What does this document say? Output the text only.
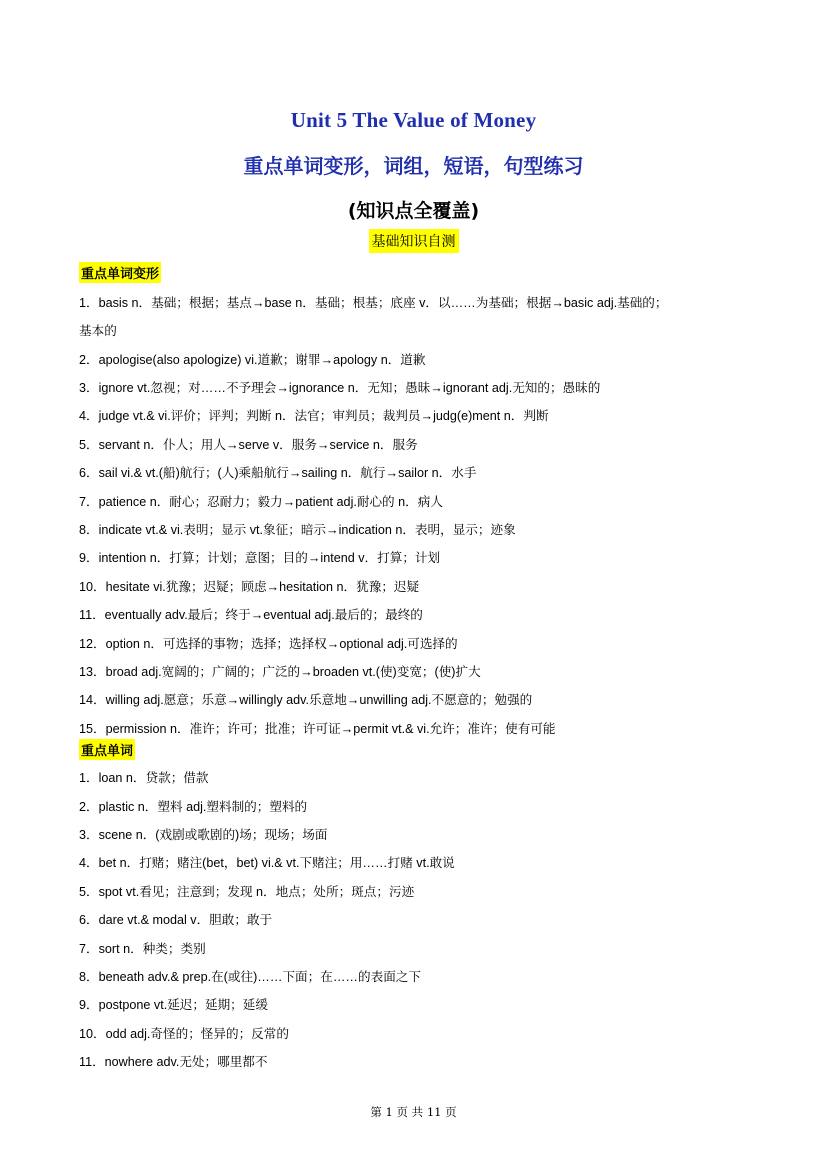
Unit 5 The Value of Money
重点单词变形，词组，短语，句型练习
(知识点全覆盖)
基础知识自测
重点单词变形
1．basis n．基础；根据；基点→base n．基础；根基；底座 v．以……为基础；根据→basic adj.基础的；
基本的
2．apologise(also apologize) vi.道歉；谢罪→apology n．道歉
3．ignore vt.忽视；对……不予理会→ignorance n．无知；愚昧→ignorant adj.无知的；愚昧的
4．judge vt.& vi.评价；评判；判断 n．法官；审判员；裁判员→judg(e)ment n．判断
5．servant n．仆人；用人→serve v．服务→service n．服务
6．sail vi.& vt.(船)航行；(人)乘船航行→sailing n．航行→sailor n．水手
7．patience n．耐心；忍耐力；毅力→patient adj.耐心的 n．病人
8．indicate vt.& vi.表明；显示 vt.象征；暗示→indication n．表明，显示；迹象
9．intention n．打算；计划；意图；目的→intend v．打算；计划
10．hesitate vi.犹豫；迟疑；顾虑→hesitation n．犹豫；迟疑
11．eventually adv.最后；终于→eventual adj.最后的；最终的
12．option n．可选择的事物；选择；选择权→optional adj.可选择的
13．broad adj.宽阔的；广阔的；广泛的→broaden vt.(使)变宽；(使)扩大
14．willing adj.愿意；乐意→willingly adv.乐意地→unwilling adj.不愿意的；勉强的
15．permission n．准许；许可；批准；许可证→permit vt.& vi.允许；准许；使有可能
重点单词
1．loan n．贷款；借款
2．plastic n．塑料 adj.塑料制的；塑料的
3．scene n．(戏剧或歌剧的)场；现场；场面
4．bet n．打赌；赌注(bet，bet) vi.& vt.下赌注；用……打赌 vt.敢说
5．spot vt.看见；注意到；发现 n．地点；处所；斑点；污迹
6．dare vt.& modal v．胆敢；敢于
7．sort n．种类；类别
8．beneath adv.& prep.在(或往)……下面；在……的表面之下
9．postpone vt.延迟；延期；延缓
10．odd adj.奇怪的；怪异的；反常的
11．nowhere adv.无处；哪里都不
第 1 页 共 11 页
